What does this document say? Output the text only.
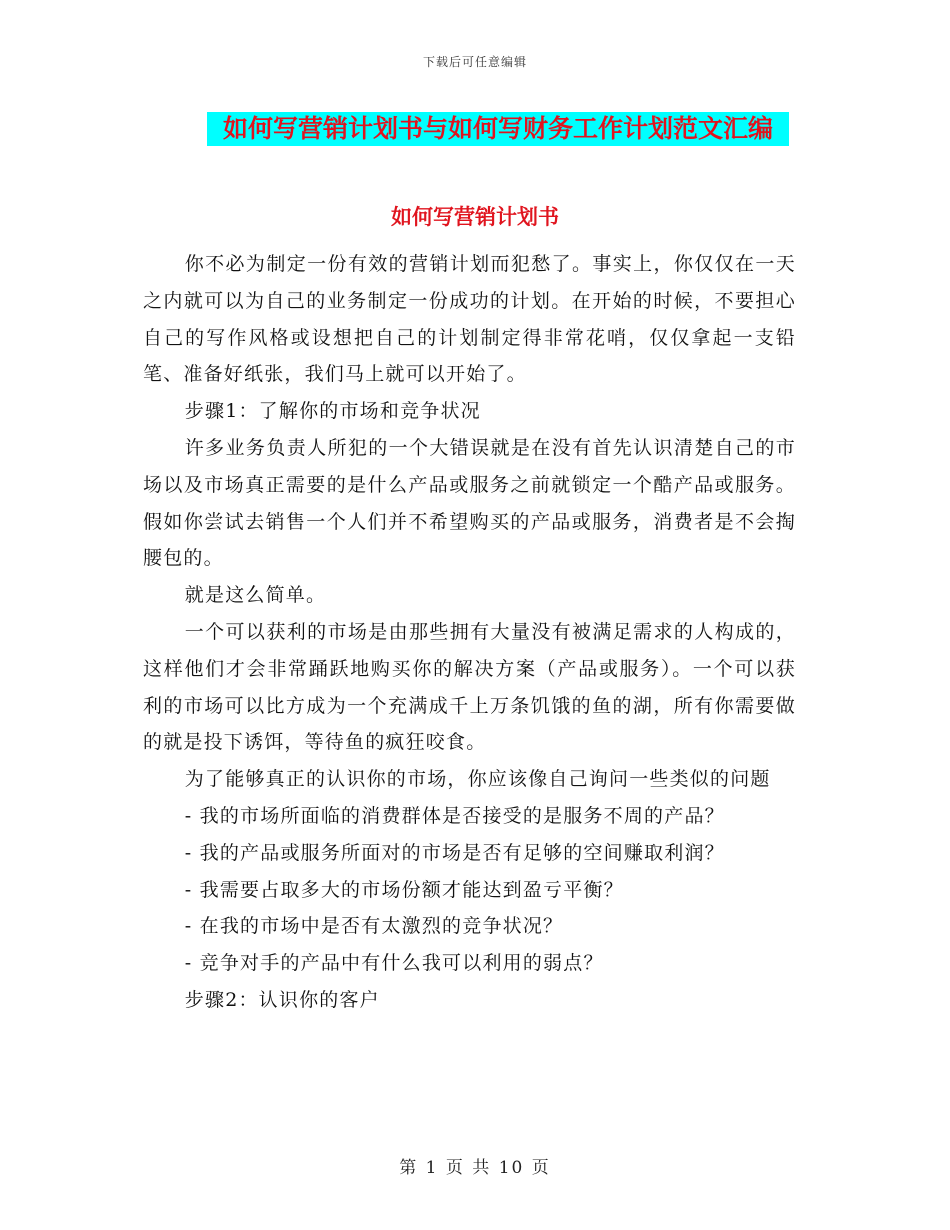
下载后可任意编辑
如何写营销计划书与如何写财务工作计划范文汇编
如何写营销计划书

你不必为制定一份有效的营销计划而犯愁了。事实上，你仅仅在一天之内就可以为自己的业务制定一份成功的计划。在开始的时候，不要担心自己的写作风格或设想把自己的计划制定得非常花哨，仅仅拿起一支铅笔、准备好纸张，我们马上就可以开始了。

步骤1：了解你的市场和竞争状况

许多业务负责人所犯的一个大错误就是在没有首先认识清楚自己的市场以及市场真正需要的是什么产品或服务之前就锁定一个酷产品或服务。假如你尝试去销售一个人们并不希望购买的产品或服务，消费者是不会掏腰包的。

就是这么简单。

一个可以获利的市场是由那些拥有大量没有被满足需求的人构成的，这样他们才会非常踊跃地购买你的解决方案（产品或服务）。一个可以获利的市场可以比方成为一个充满成千上万条饥饿的鱼的湖，所有你需要做的就是投下诱饵，等待鱼的疯狂咬食。

为了能够真正的认识你的市场，你应该像自己询问一些类似的问题

- 我的市场所面临的消费群体是否接受的是服务不周的产品？

- 我的产品或服务所面对的市场是否有足够的空间赚取利润？

- 我需要占取多大的市场份额才能达到盈亏平衡？

- 在我的市场中是否有太激烈的竞争状况？

- 竞争对手的产品中有什么我可以利用的弱点？

步骤2：认识你的客户

第 1 页 共 10 页
